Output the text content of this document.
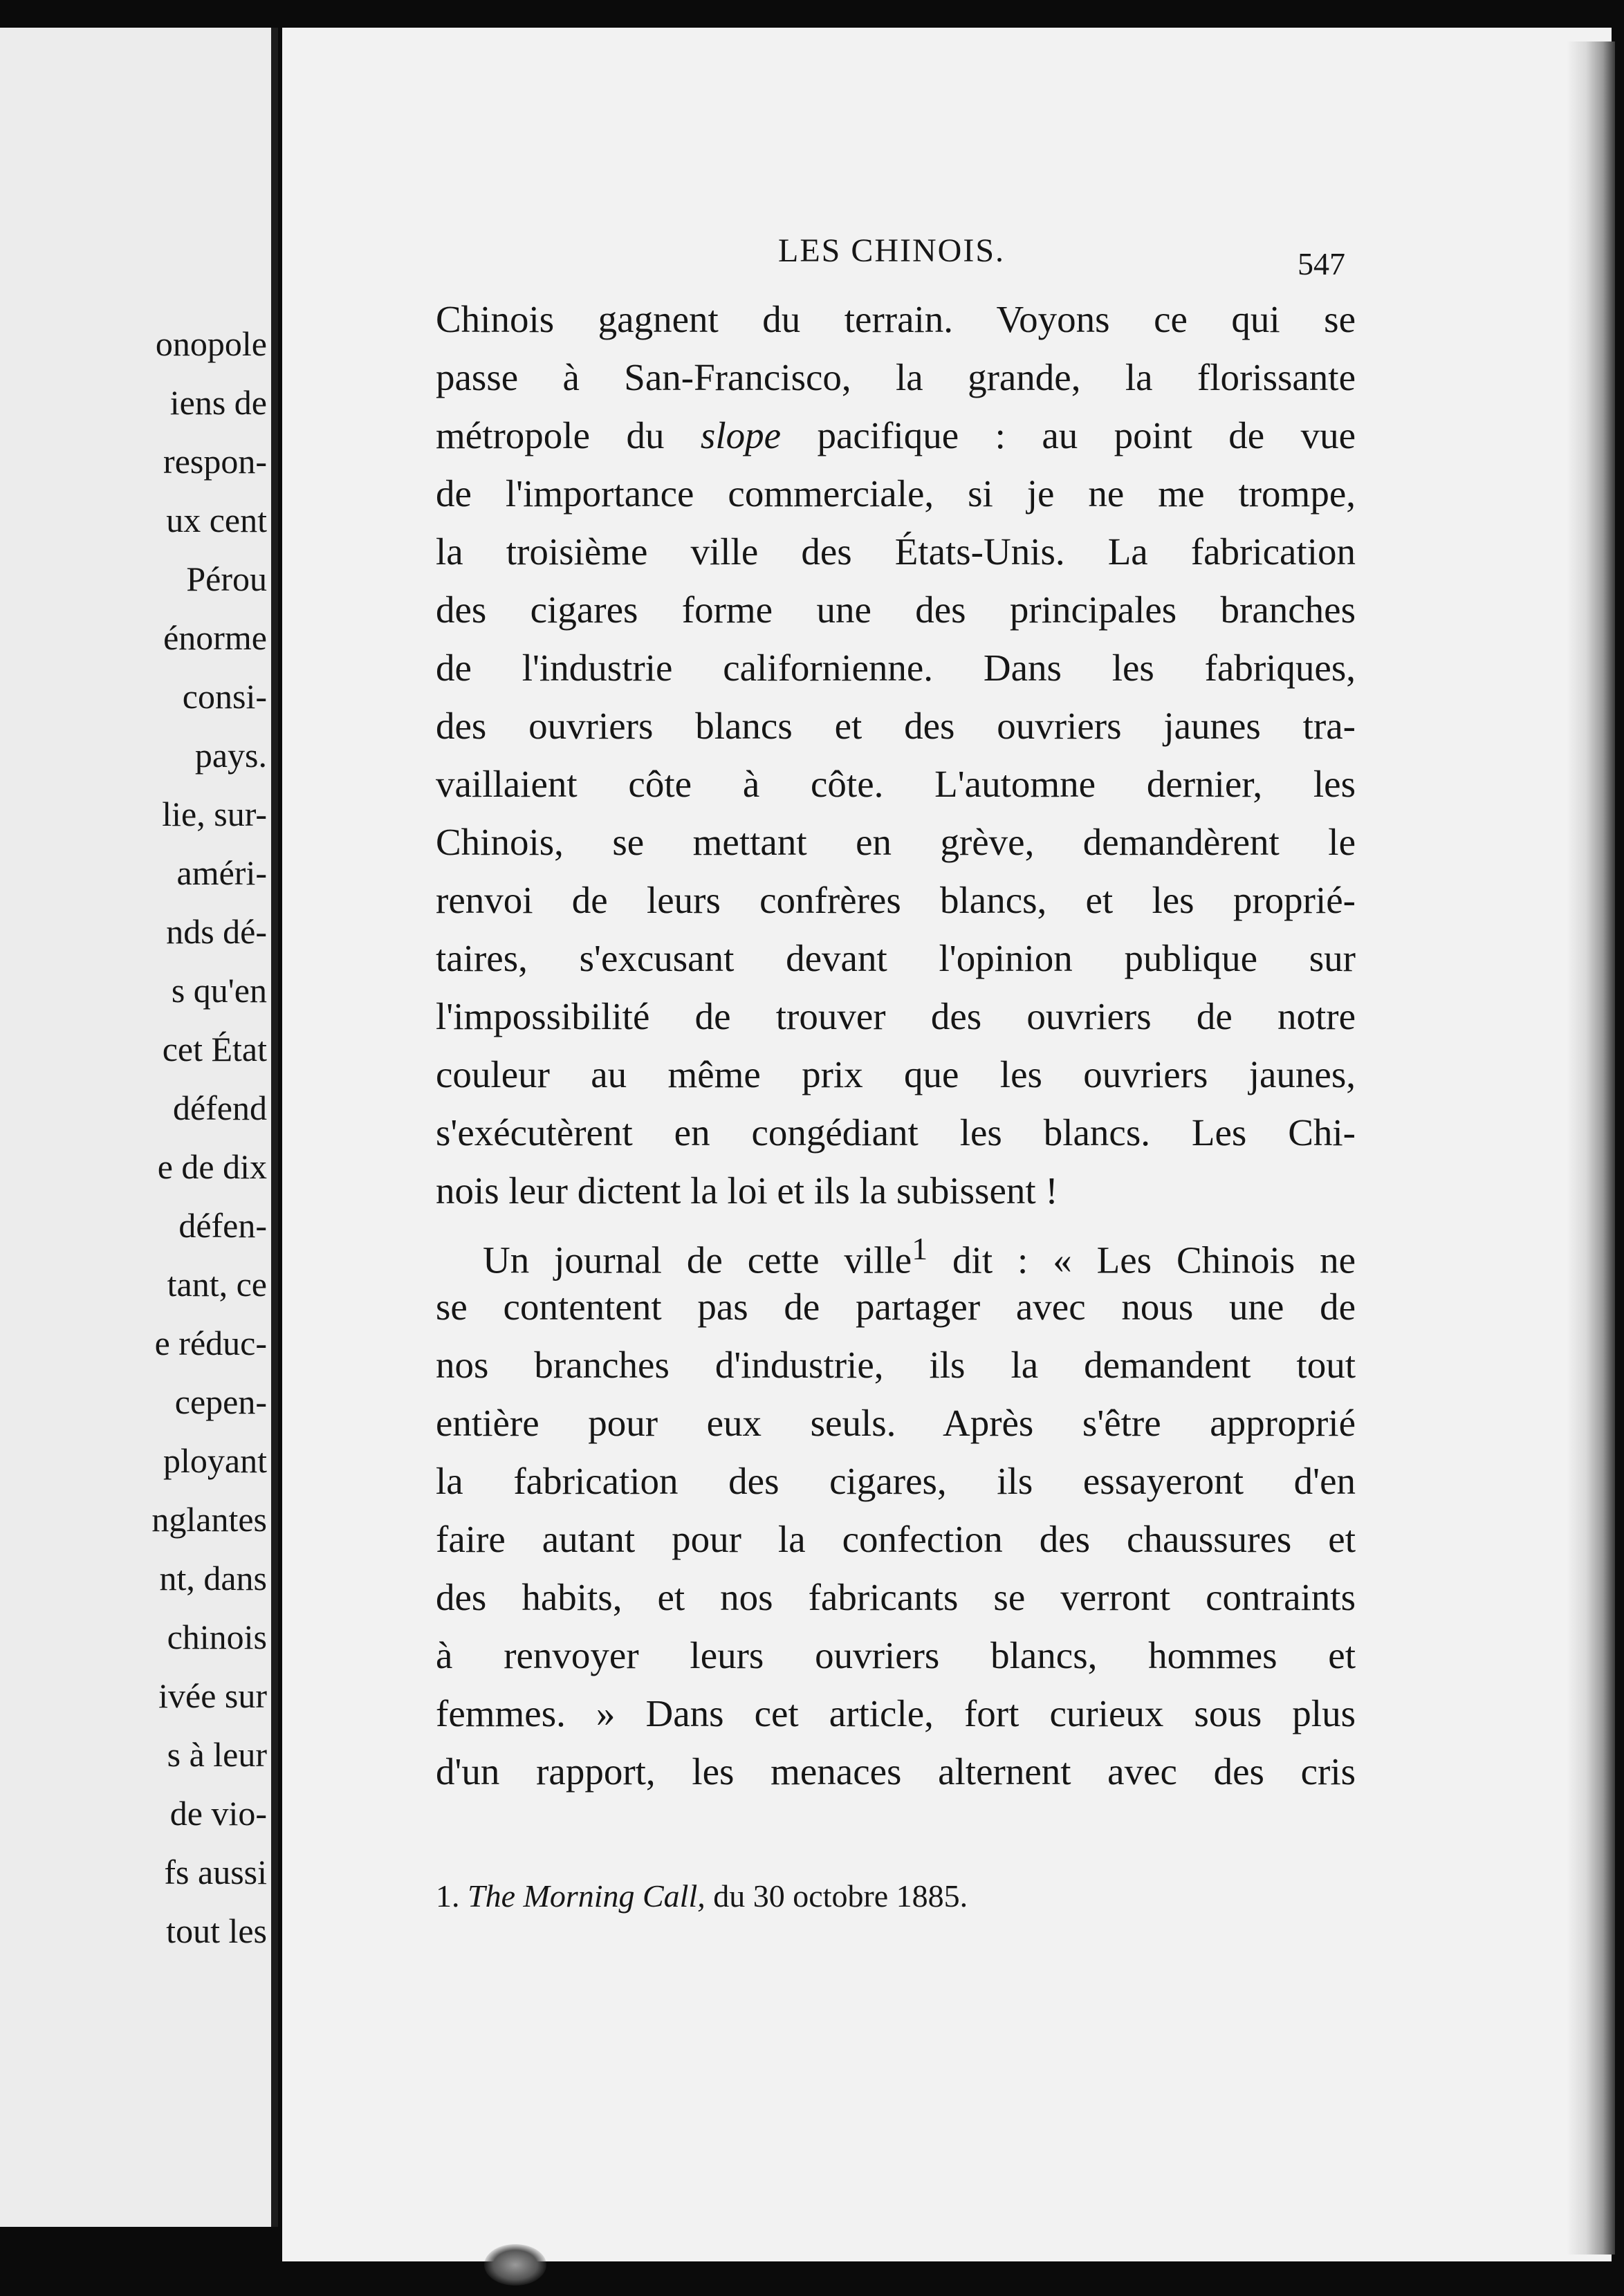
onopole
iens de
respon-
ux cent
Pérou
énorme
consi-
pays.
lie, sur-
améri-
nds dé-
s qu'en
cet État
défend
e de dix
défen-
tant, ce
e réduc-
cepen-
ployant
nglantes
nt, dans
chinois
ivée sur
s à leur
de vio-
fs aussi
tout les
LES CHINOIS.	547
Chinois gagnent du terrain. Voyons ce qui se
passe à San-Francisco, la grande, la florissante
métropole du slope pacifique : au point de vue
de l'importance commerciale, si je ne me trompe,
la troisième ville des États-Unis. La fabrication
des cigares forme une des principales branches
de l'industrie californienne. Dans les fabriques,
des ouvriers blancs et des ouvriers jaunes tra-
vaillaient côte à côte. L'automne dernier, les
Chinois, se mettant en grève, demandèrent le
renvoi de leurs confrères blancs, et les proprié-
taires, s'excusant devant l'opinion publique sur
l'impossibilité de trouver des ouvriers de notre
couleur au même prix que les ouvriers jaunes,
s'exécutèrent en congédiant les blancs. Les Chi-
nois leur dictent la loi et ils la subissent !
Un journal de cette ville$^1$ dit : « Les Chinois ne
se contentent pas de partager avec nous une de
nos branches d'industrie, ils la demandent tout
entière pour eux seuls. Après s'être approprié
la fabrication des cigares, ils essayeront d'en
faire autant pour la confection des chaussures et
des habits, et nos fabricants se verront contraints
à renvoyer leurs ouvriers blancs, hommes et
femmes. » Dans cet article, fort curieux sous plus
d'un rapport, les menaces alternent avec des cris
1. The Morning Call, du 30 octobre 1885.
